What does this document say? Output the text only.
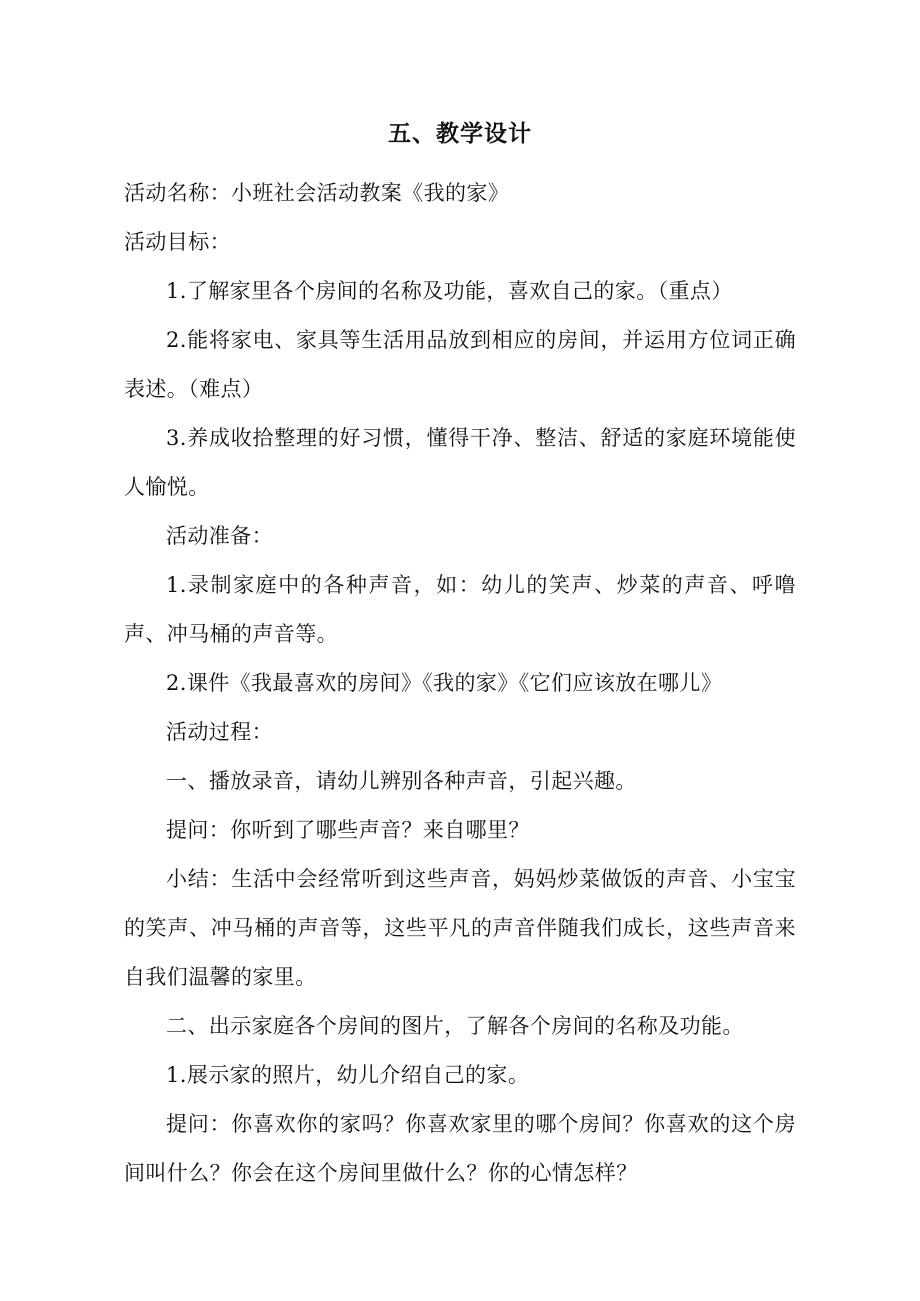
五、教学设计

活动名称：小班社会活动教案《我的家》

活动目标：

1.了解家里各个房间的名称及功能，喜欢自己的家。（重点）

2.能将家电、家具等生活用品放到相应的房间，并运用方位词正确表述。（难点）

3.养成收拾整理的好习惯，懂得干净、整洁、舒适的家庭环境能使人愉悦。

活动准备：

1.录制家庭中的各种声音，如：幼儿的笑声、炒菜的声音、呼噜声、冲马桶的声音等。

2.课件《我最喜欢的房间》《我的家》《它们应该放在哪儿》

活动过程：

一、播放录音，请幼儿辨别各种声音，引起兴趣。

提问：你听到了哪些声音？来自哪里？

小结：生活中会经常听到这些声音，妈妈炒菜做饭的声音、小宝宝的笑声、冲马桶的声音等，这些平凡的声音伴随我们成长，这些声音来自我们温馨的家里。

二、出示家庭各个房间的图片，了解各个房间的名称及功能。

1.展示家的照片，幼儿介绍自己的家。

提问：你喜欢你的家吗？你喜欢家里的哪个房间？你喜欢的这个房间叫什么？你会在这个房间里做什么？你的心情怎样？
